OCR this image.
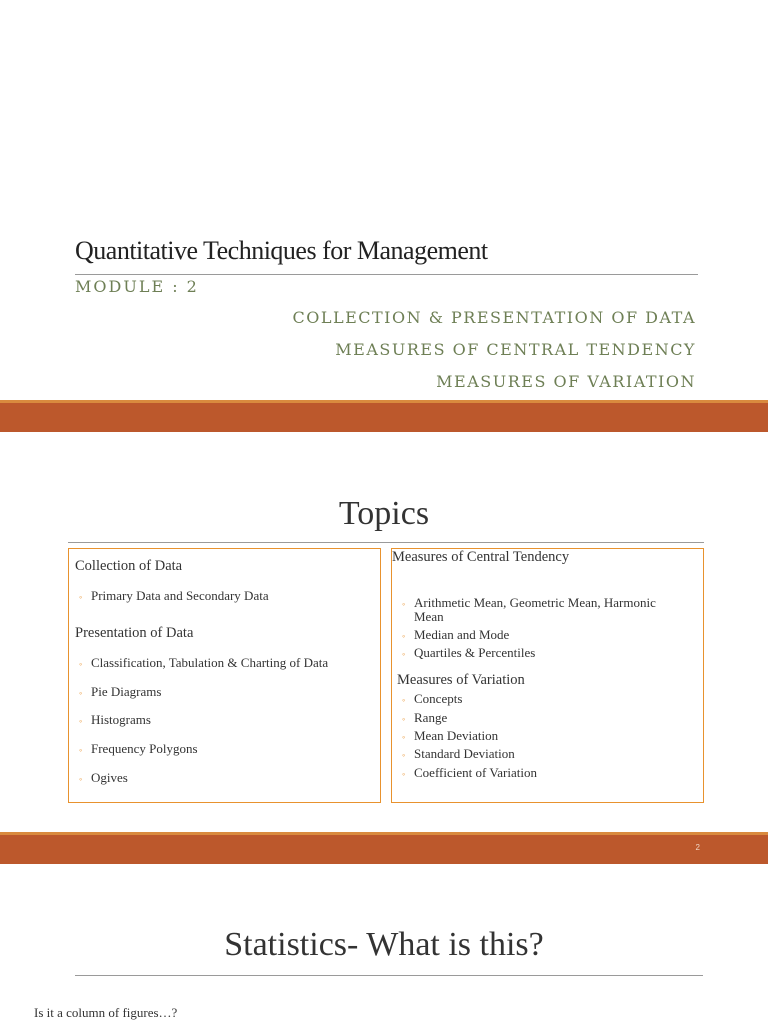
Quantitative Techniques for Management
MODULE : 2
COLLECTION & PRESENTATION OF DATA
MEASURES OF CENTRAL TENDENCY
MEASURES OF VARIATION
Topics
Collection of Data
◦ Primary Data and Secondary Data
Presentation of Data
◦ Classification, Tabulation & Charting of Data
◦ Pie Diagrams
◦ Histograms
◦ Frequency Polygons
◦ Ogives
Measures of Central Tendency
◦ Arithmetic Mean, Geometric Mean, Harmonic
Mean
◦ Median and Mode
◦ Quartiles & Percentiles
Measures of Variation
◦ Concepts
◦ Range
◦ Mean Deviation
◦ Standard Deviation
◦ Coefficient of Variation
2
Statistics- What is this?
Is it a column of figures…?
